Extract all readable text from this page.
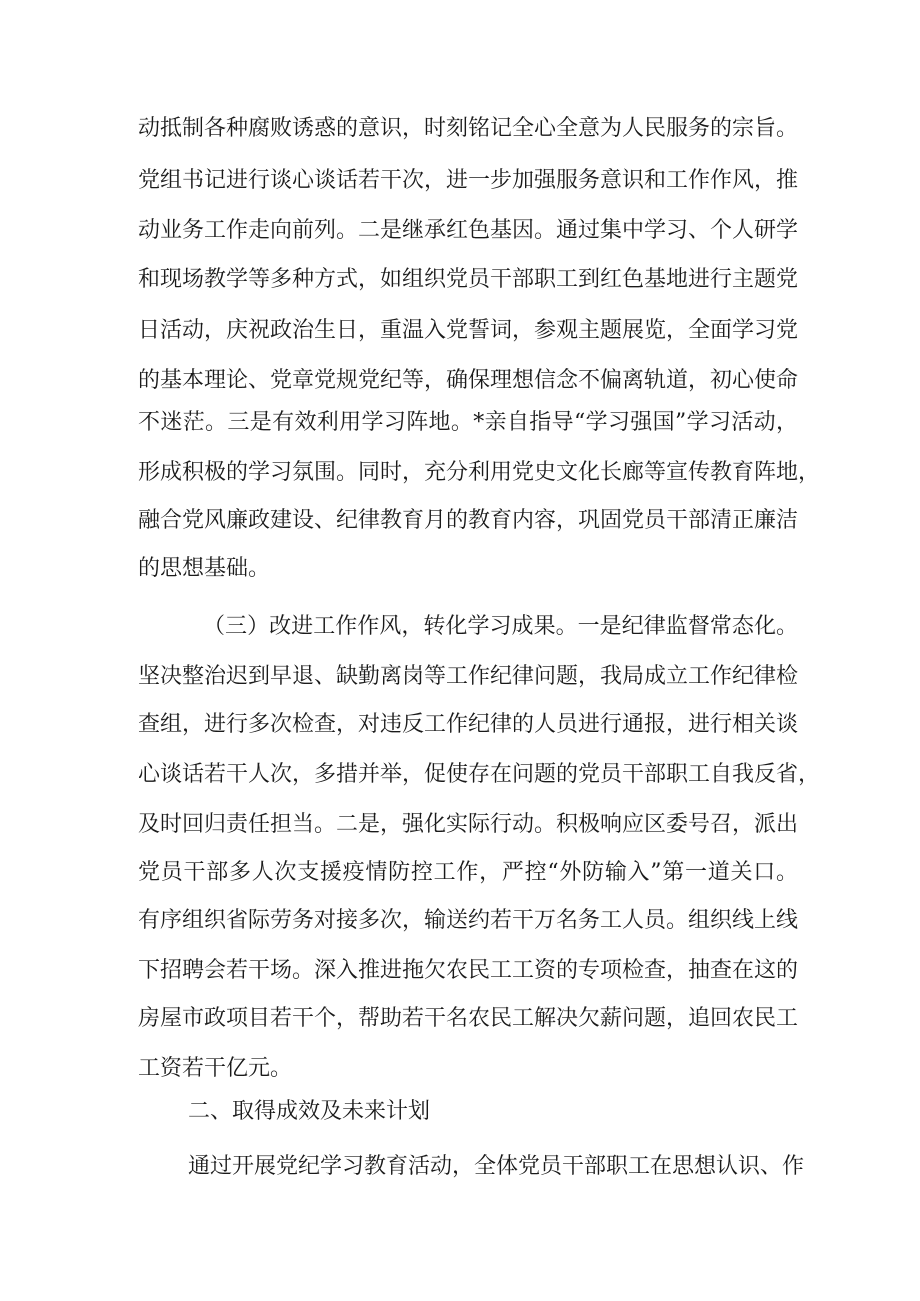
动抵制各种腐败诱惑的意识，时刻铭记全心全意为人民服务的宗旨。
党组书记进行谈心谈话若干次，进一步加强服务意识和工作作风，推
动业务工作走向前列。二是继承红色基因。通过集中学习、个人研学
和现场教学等多种方式，如组织党员干部职工到红色基地进行主题党
日活动，庆祝政治生日，重温入党誓词，参观主题展览，全面学习党
的基本理论、党章党规党纪等，确保理想信念不偏离轨道，初心使命
不迷茫。三是有效利用学习阵地。*亲自指导“学习强国”学习活动，
形成积极的学习氛围。同时，充分利用党史文化长廊等宣传教育阵地，
融合党风廉政建设、纪律教育月的教育内容，巩固党员干部清正廉洁
的思想基础。
（三）改进工作作风，转化学习成果。一是纪律监督常态化。
坚决整治迟到早退、缺勤离岗等工作纪律问题，我局成立工作纪律检
查组，进行多次检查，对违反工作纪律的人员进行通报，进行相关谈
心谈话若干人次，多措并举，促使存在问题的党员干部职工自我反省，
及时回归责任担当。二是，强化实际行动。积极响应区委号召，派出
党员干部多人次支援疫情防控工作，严控“外防输入”第一道关口。
有序组织省际劳务对接多次，输送约若干万名务工人员。组织线上线
下招聘会若干场。深入推进拖欠农民工工资的专项检查，抽查在这的
房屋市政项目若干个，帮助若干名农民工解决欠薪问题，追回农民工
工资若干亿元。
二、取得成效及未来计划
通过开展党纪学习教育活动，全体党员干部职工在思想认识、作
